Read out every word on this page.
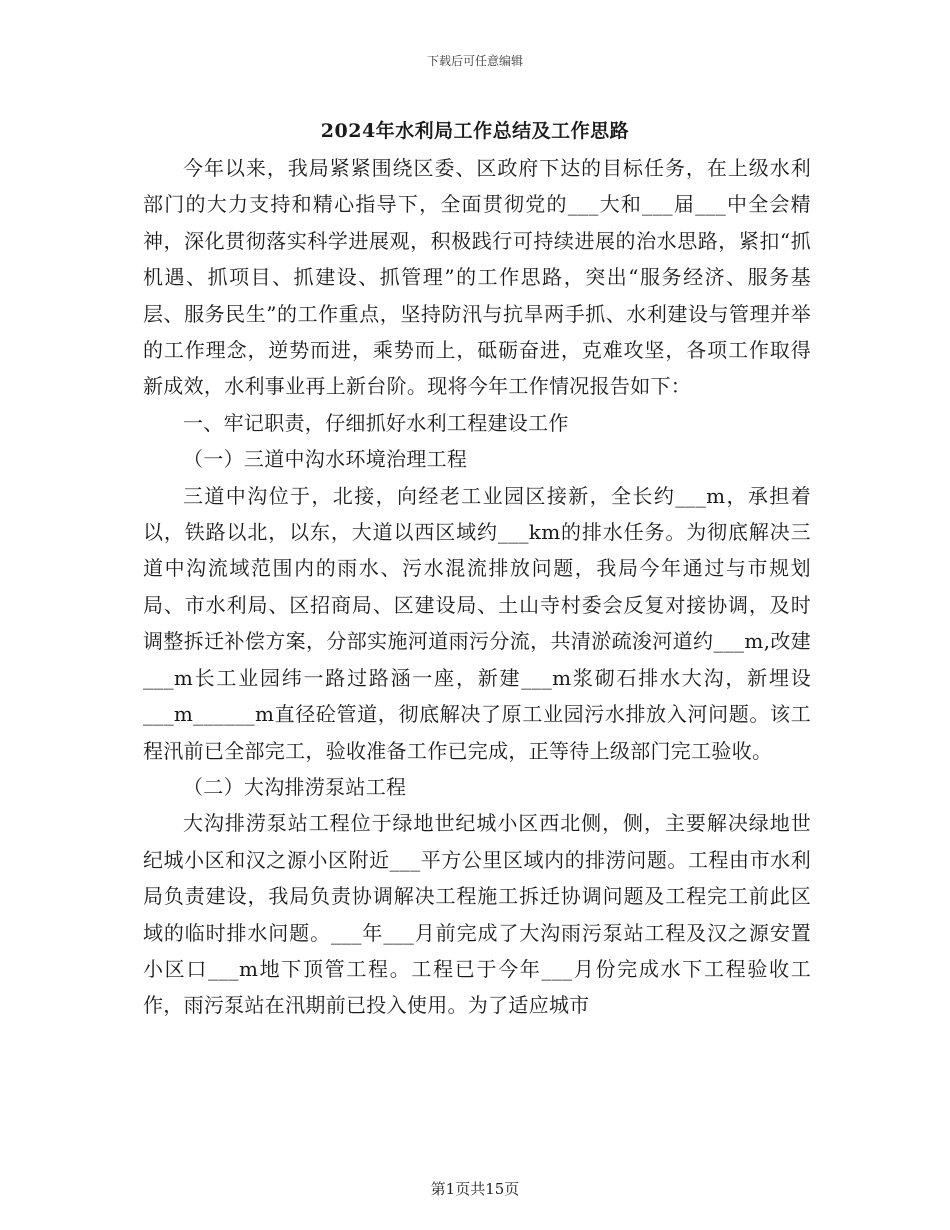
下载后可任意编辑
2024年水利局工作总结及工作思路

今年以来，我局紧紧围绕区委、区政府下达的目标任务，在上级水利部门的大力支持和精心指导下，全面贯彻党的___大和___届___中全会精神，深化贯彻落实科学进展观，积极践行可持续进展的治水思路，紧扣“抓机遇、抓项目、抓建设、抓管理”的工作思路，突出“服务经济、服务基层、服务民生”的工作重点，坚持防汛与抗旱两手抓、水利建设与管理并举的工作理念，逆势而进，乘势而上，砥砺奋进，克难攻坚，各项工作取得新成效，水利事业再上新台阶。现将今年工作情况报告如下：

一、牢记职责，仔细抓好水利工程建设工作

（一）三道中沟水环境治理工程

三道中沟位于，北接，向经老工业园区接新，全长约___m，承担着以，铁路以北，以东，大道以西区域约___km的排水任务。为彻底解决三道中沟流域范围内的雨水、污水混流排放问题，我局今年通过与市规划局、市水利局、区招商局、区建设局、土山寺村委会反复对接协调，及时调整拆迁补偿方案，分部实施河道雨污分流，共清淤疏浚河道约___m,改建___m长工业园纬一路过路涵一座，新建___m浆砌石排水大沟，新埋设___m______m直径砼管道，彻底解决了原工业园污水排放入河问题。该工程汛前已全部完工，验收准备工作已完成，正等待上级部门完工验收。

（二）大沟排涝泵站工程

大沟排涝泵站工程位于绿地世纪城小区西北侧，侧，主要解决绿地世纪城小区和汉之源小区附近___平方公里区域内的排涝问题。工程由市水利局负责建设，我局负责协调解决工程施工拆迁协调问题及工程完工前此区域的临时排水问题。___年___月前完成了大沟雨污泵站工程及汉之源安置小区口___m地下顶管工程。工程已于今年___月份完成水下工程验收工作，雨污泵站在汛期前已投入使用。为了适应城市

第1页共15页
